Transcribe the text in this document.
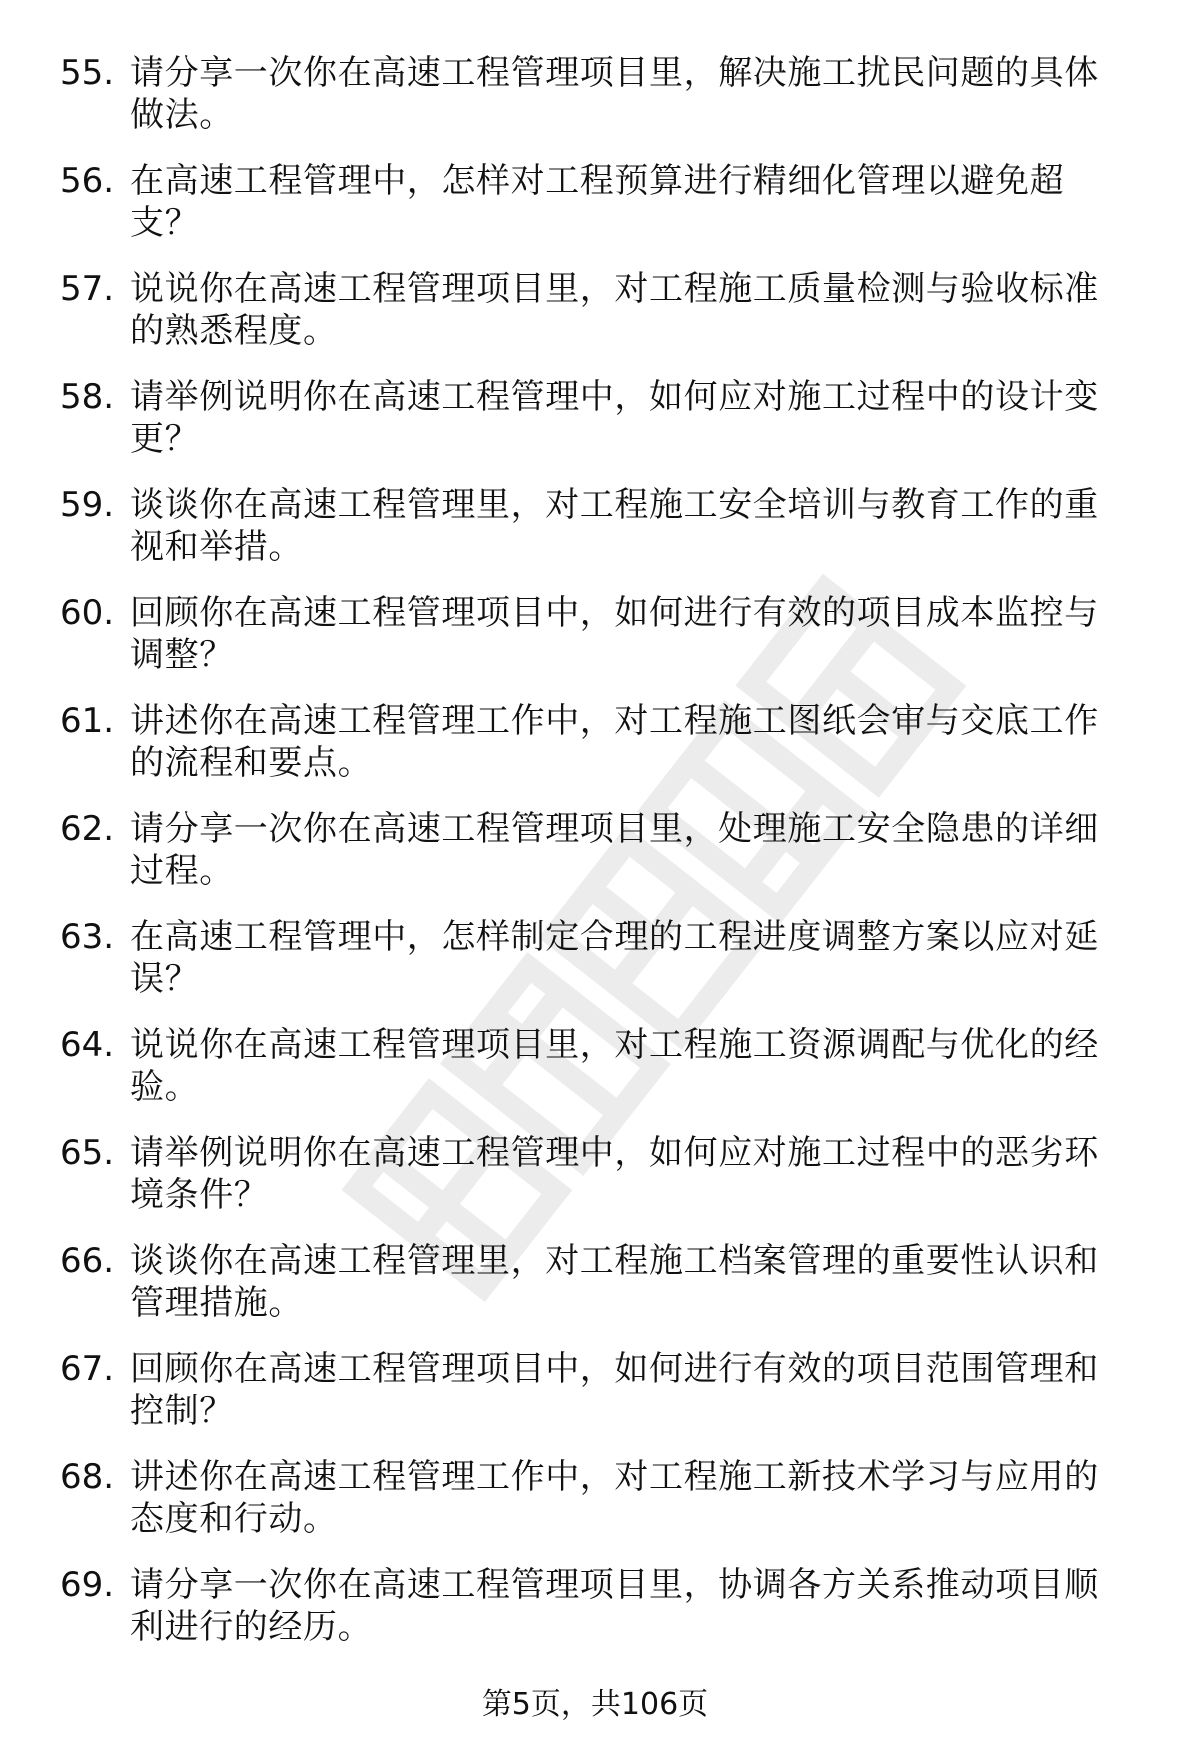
55. 请分享一次你在高速工程管理项目里，解决施工扰民问题的具体做法。
56. 在高速工程管理中，怎样对工程预算进行精细化管理以避免超支？
57. 说说你在高速工程管理项目里，对工程施工质量检测与验收标准的熟悉程度。
58. 请举例说明你在高速工程管理中，如何应对施工过程中的设计变更？
59. 谈谈你在高速工程管理里，对工程施工安全培训与教育工作的重视和举措。
60. 回顾你在高速工程管理项目中，如何进行有效的项目成本监控与调整？
61. 讲述你在高速工程管理工作中，对工程施工图纸会审与交底工作的流程和要点。
62. 请分享一次你在高速工程管理项目里，处理施工安全隐患的详细过程。
63. 在高速工程管理中，怎样制定合理的工程进度调整方案以应对延误？
64. 说说你在高速工程管理项目里，对工程施工资源调配与优化的经验。
65. 请举例说明你在高速工程管理中，如何应对施工过程中的恶劣环境条件？
66. 谈谈你在高速工程管理里，对工程施工档案管理的重要性认识和管理措施。
67. 回顾你在高速工程管理项目中，如何进行有效的项目范围管理和控制？
68. 讲述你在高速工程管理工作中，对工程施工新技术学习与应用的态度和行动。
69. 请分享一次你在高速工程管理项目里，协调各方关系推动项目顺利进行的经历。
第5页，共106页
